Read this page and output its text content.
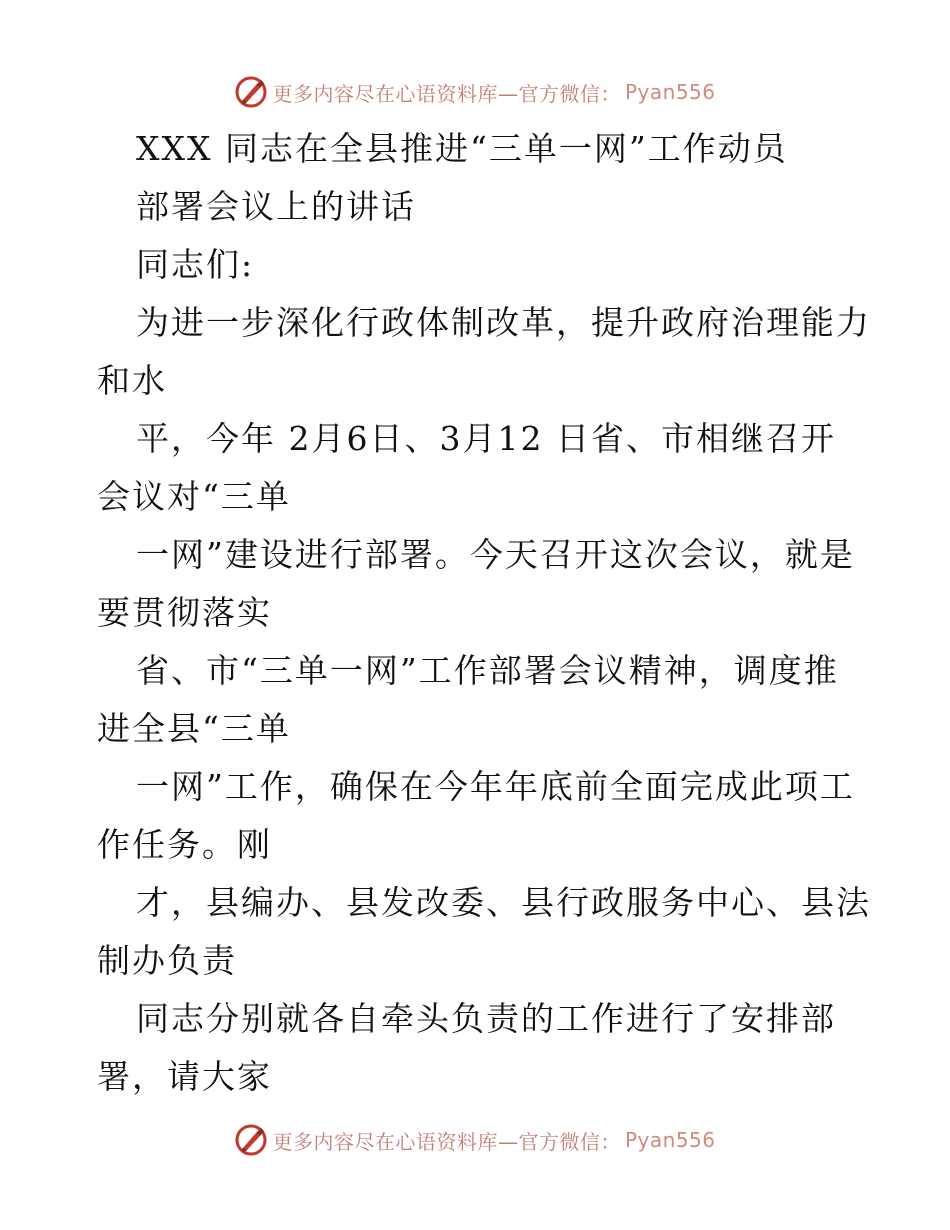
更多内容尽在心语资料库—官方微信： Pyan556
XXX 同志在全县推进“三单一网”工作动员
部署会议上的讲话
同志们:
为进一步深化行政体制改革，提升政府治理能力
和水
平，今年 2月6日、3月12 日省、市相继召开
会议对“三单
一网”建设进行部署。今天召开这次会议，就是
要贯彻落实
省、市“三单一网”工作部署会议精神，调度推
进全县“三单
一网”工作，确保在今年年底前全面完成此项工
作任务。刚
才，县编办、县发改委、县行政服务中心、县法
制办负责
同志分别就各自牵头负责的工作进行了安排部
署，请大家
更多内容尽在心语资料库—官方微信： Pyan556
